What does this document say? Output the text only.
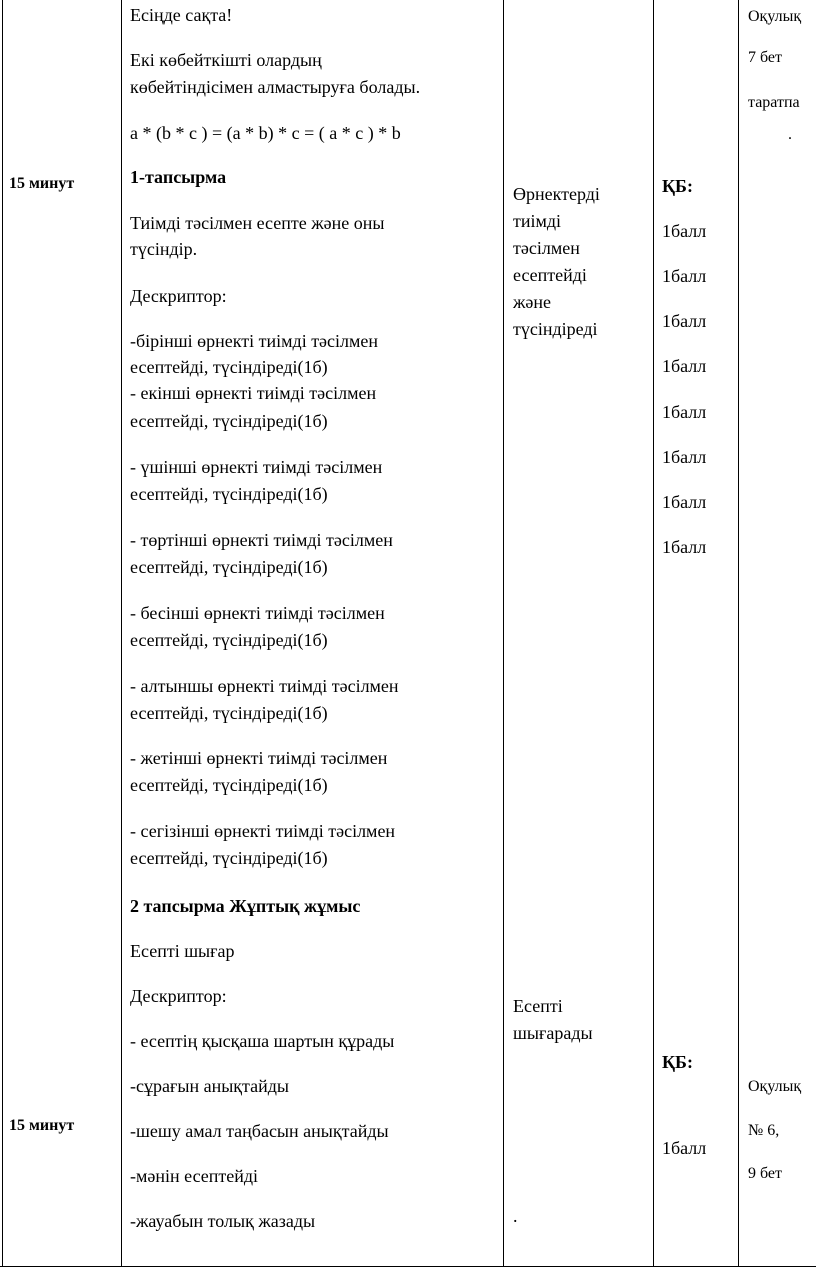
15 минут
Есіңде сақта!
Екі көбейткішті олардың
көбейтіндісімен алмастыруға болады.
a * (b * c ) = (a * b) * c = ( a * c ) * b
1-тапсырма
Тиімді тәсілмен есепте және оны
түсіндір.
Дескриптор:
-бірінші өрнекті тиімді тәсілмен
есептейді, түсіндіреді(1б)
- екінші өрнекті тиімді тәсілмен
есептейді, түсіндіреді(1б)
- үшінші өрнекті тиімді тәсілмен
есептейді, түсіндіреді(1б)
- төртінші өрнекті тиімді тәсілмен
есептейді, түсіндіреді(1б)
- бесінші өрнекті тиімді тәсілмен
есептейді, түсіндіреді(1б)
- алтыншы өрнекті тиімді тәсілмен
есептейді, түсіндіреді(1б)
- жетінші өрнекті тиімді тәсілмен
есептейді, түсіндіреді(1б)
- сегізінші өрнекті тиімді тәсілмен
есептейді, түсіндіреді(1б)
Өрнектерді
тиімді
тәсілмен
есептейді
және
түсіндіреді
ҚБ:
1балл
1балл
1балл
1балл
1балл
1балл
1балл
1балл
Оқулық
7 бет
таратпа
.
2 тапсырма Жұптық жұмыс
Есепті шығар
Дескриптор:
- есептің қысқаша шартын құрады
-сұрағын анықтайды
-шешу амал таңбасын анықтайды
-мәнін есептейді
-жауабын толық жазады
15 минут
Есепті
шығарады
.
ҚБ:
1балл
Оқулық
№ 6,
9 бет
